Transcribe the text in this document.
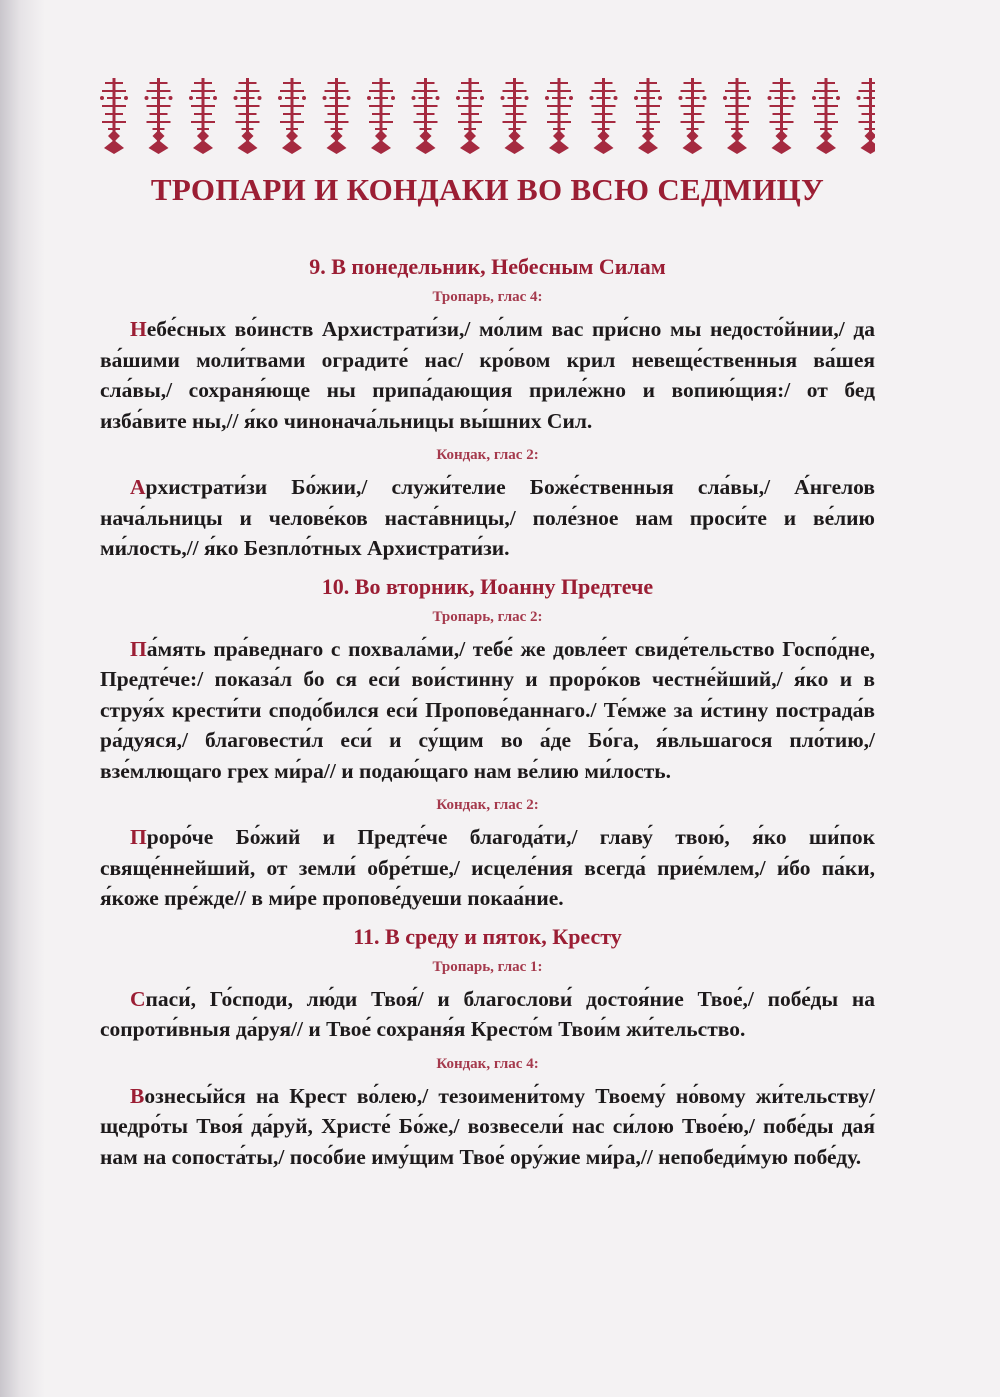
ТРОПАРИ И КОНДАКИ ВО ВСЮ СЕДМИЦУ
9. В понедельник, Небесным Силам
Тропарь, глас 4:

Небе́сных во́инств Архистрати́зи,/ мо́лим вас при́сно мы недосто́йнии,/ да ва́шими моли́твами оградите́ нас/ кро́вом крил невеще́ственныя ва́шея сла́вы,/ сохраня́юще ны припа́дающия приле́жно и вопию́щия:/ от бед изба́вите ны,// я́ко чинонача́льницы вы́шних Сил.

Кондак, глас 2:

Архистрати́зи Бо́жии,/ служи́телие Боже́ственныя сла́вы,/ А́нгелов нача́льницы и челове́ков наста́вницы,/ поле́зное нам проси́те и ве́лию ми́лость,// я́ко Безпло́тных Архистрати́зи.

10. Во вторник, Иоанну Предтече
Тропарь, глас 2:

Па́мять пра́веднаго с похвала́ми,/ тебе́ же довле́ет свиде́тельство Госпо́дне, Предте́че:/ показа́л бо ся еси́ вои́стинну и проро́ков честне́йший,/ я́ко и в струя́х крести́ти сподо́бился еси́ Пропове́даннаго./ Те́мже за и́стину пострада́в ра́дуяся,/ благовести́л еси́ и су́щим во а́де Бо́га, я́вльшагося пло́тию,/ взе́млющаго грех ми́ра// и подаю́щаго нам ве́лию ми́лость.

Кондак, глас 2:

Проро́че Бо́жий и Предте́че благода́ти,/ главу́ твою́, я́ко ши́пок свяще́ннейший, от земли́ обре́тше,/ исцеле́ния всегда́ прие́млем,/ и́бо па́ки, я́коже пре́жде// в ми́ре пропове́дуеши покаа́ние.

11. В среду и пяток, Кресту
Тропарь, глас 1:

Спаси́, Го́споди, лю́ди Твоя́/ и благослови́ достоя́ние Твое́,/ побе́ды на сопроти́вныя да́руя// и Твое́ сохраня́я Кресто́м Твои́м жи́тельство.

Кондак, глас 4:

Вознесы́йся на Крест во́лею,/ тезоимени́тому Твоему́ но́вому жи́тельству/ щедро́ты Твоя́ да́руй, Христе́ Бо́же,/ возвесели́ нас си́лою Твое́ю,/ побе́ды дая́ нам на сопоста́ты,/ посо́бие иму́щим Твое́ ору́жие ми́ра,// непобеди́мую побе́ду.
